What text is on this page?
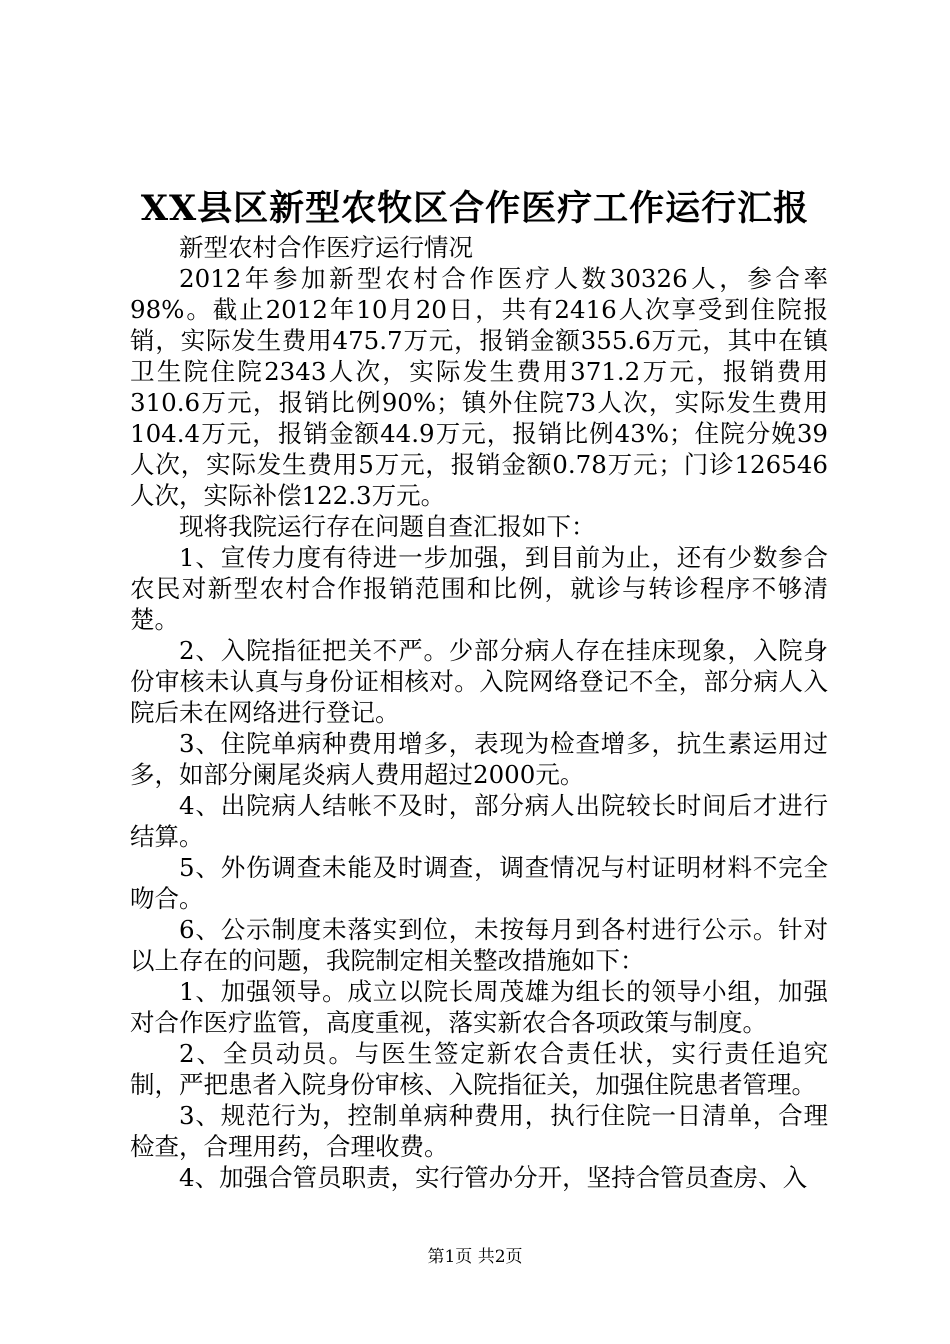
XX县区新型农牧区合作医疗工作运行汇报

新型农村合作医疗运行情况

2012年参加新型农村合作医疗人数30326人，参合率98%。截止2012年10月20日，共有2416人次享受到住院报销，实际发生费用475.7万元，报销金额355.6万元，其中在镇卫生院住院2343人次，实际发生费用371.2万元，报销费用310.6万元，报销比例90%；镇外住院73人次，实际发生费用104.4万元，报销金额44.9万元，报销比例43%；住院分娩39人次，实际发生费用5万元，报销金额0.78万元；门诊126546人次，实际补偿122.3万元。

现将我院运行存在问题自查汇报如下：

1、宣传力度有待进一步加强，到目前为止，还有少数参合农民对新型农村合作报销范围和比例，就诊与转诊程序不够清楚。

2、入院指征把关不严。少部分病人存在挂床现象，入院身份审核未认真与身份证相核对。入院网络登记不全，部分病人入院后未在网络进行登记。

3、住院单病种费用增多，表现为检查增多，抗生素运用过多，如部分阑尾炎病人费用超过2000元。

4、出院病人结帐不及时，部分病人出院较长时间后才进行结算。

5、外伤调查未能及时调查，调查情况与村证明材料不完全吻合。

6、公示制度未落实到位，未按每月到各村进行公示。针对以上存在的问题，我院制定相关整改措施如下：

1、加强领导。成立以院长周茂雄为组长的领导小组，加强对合作医疗监管，高度重视，落实新农合各项政策与制度。

2、全员动员。与医生签定新农合责任状，实行责任追究制，严把患者入院身份审核、入院指征关，加强住院患者管理。

3、规范行为，控制单病种费用，执行住院一日清单，合理检查，合理用药，合理收费。

4、加强合管员职责，实行管办分开，坚持合管员查房、入

第1页 共2页
